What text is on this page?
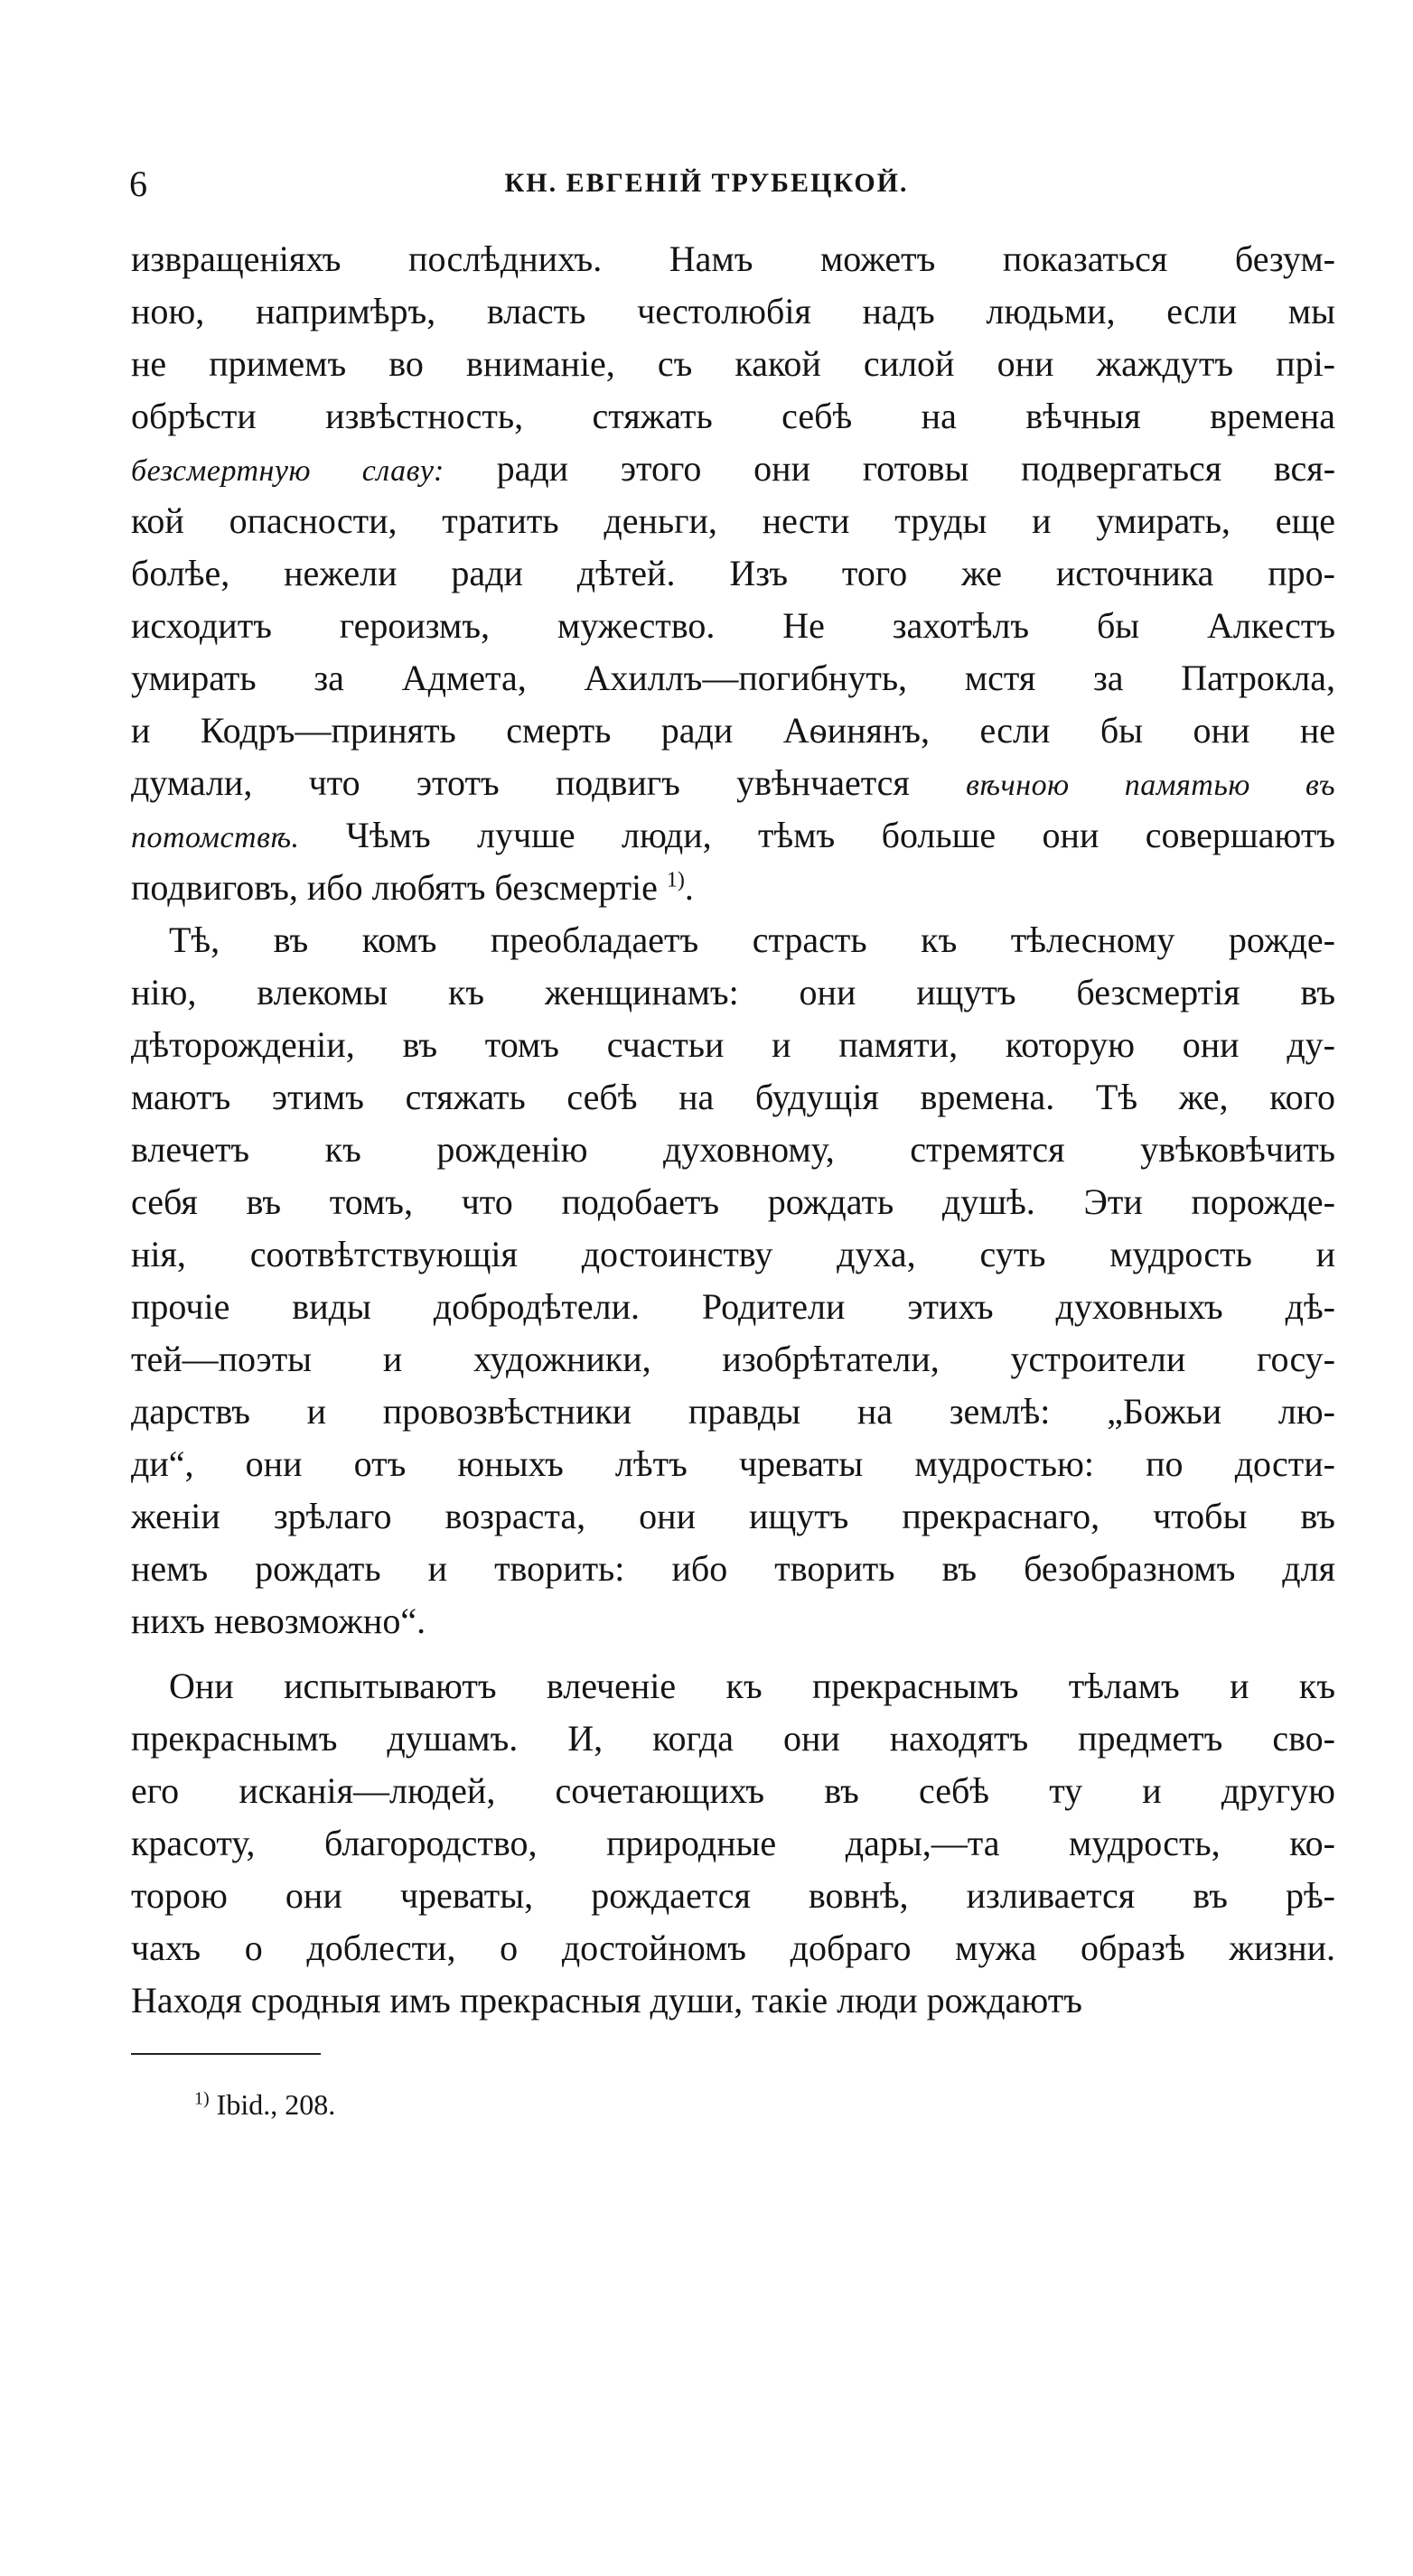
6	КН. ЕВГЕНІЙ ТРУБЕЦКОЙ.
извращеніяхъ послѣднихъ. Намъ можетъ показаться безум-
ною, напримѣръ, власть честолюбія надъ людьми, если мы
не примемъ во вниманіе, съ какой силой они жаждутъ прі-
обрѣсти извѣстность, стяжать себѣ на вѣчныя времена
безсмертную славу: ради этого они готовы подвергаться вся-
кой опасности, тратить деньги, нести труды и умирать, еще
болѣе, нежели ради дѣтей. Изъ того же источника про-
исходитъ героизмъ, мужество. Не захотѣлъ бы Алкестъ
умирать за Адмета, Ахиллъ—погибнуть, мстя за Патрокла,
и Кодръ—принять смерть ради Аѳинянъ, если бы они не
думали, что этотъ подвигъ увѣнчается вѣчною памятью въ
потомствѣ. Чѣмъ лучше люди, тѣмъ больше они совершаютъ
подвиговъ, ибо любятъ безсмертіе $^{1)}$.
Тѣ, въ комъ преобладаетъ страсть къ тѣлесному рожде-
нію, влекомы къ женщинамъ: они ищутъ безсмертія въ
дѣторожденіи, въ томъ счастьи и памяти, которую они ду-
маютъ этимъ стяжать себѣ на будущія времена. Тѣ же, кого
влечетъ къ рожденію духовному, стремятся увѣковѣчить
себя въ томъ, что подобаетъ рождать душѣ. Эти порожде-
нія, соотвѣтствующія достоинству духа, суть мудрость и
прочіе виды добродѣтели. Родители этихъ духовныхъ дѣ-
тей—поэты и художники, изобрѣтатели, устроители госу-
дарствъ и провозвѣстники правды на землѣ: „Божьи лю-
ди“, они отъ юныхъ лѣтъ чреваты мудростью: по дости-
женіи зрѣлаго возраста, они ищутъ прекраснаго, чтобы въ
немъ рождать и творить: ибо творить въ безобразномъ для
нихъ невозможно“.
Они испытываютъ влеченіе къ прекраснымъ тѣламъ и къ
прекраснымъ душамъ. И, когда они находятъ предметъ сво-
его исканія—людей, сочетающихъ въ себѣ ту и другую
красоту, благородство, природные дары,—та мудрость, ко-
торою они чреваты, рождается вовнѣ, изливается въ рѣ-
чахъ о доблести, о достойномъ добраго мужа образѣ жизни.
Находя сродныя имъ прекрасныя души, такіе люди рождаютъ
$^{1)}$ Ibid., 208.
